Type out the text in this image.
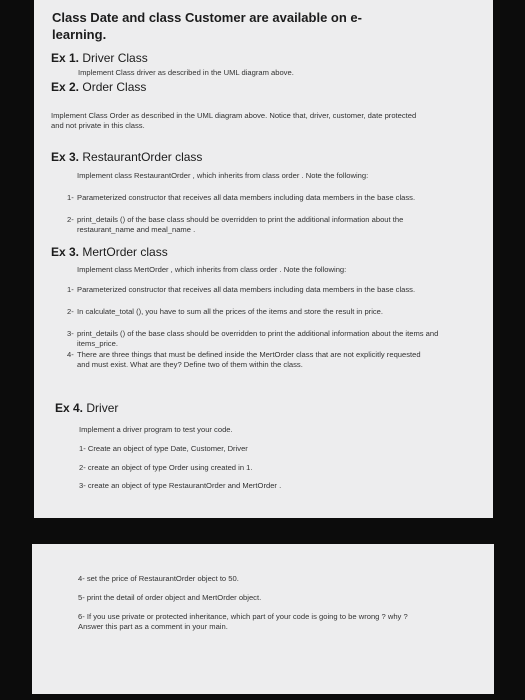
Class Date and class Customer are available on e-learning.
Ex 1. Driver Class
Implement Class driver as described in the UML diagram above.
Ex 2. Order Class
Implement Class Order as described in the UML diagram above. Notice that, driver, customer, date protected and not private in this class.
Ex 3. RestaurantOrder class
Implement class RestaurantOrder , which inherits from class order . Note the following:
1- Parameterized constructor that receives all data members including data members in the base class.
2- print_details () of the base class should be overridden to print the additional information about the restaurant_name and meal_name .
Ex 3. MertOrder class
Implement class MertOrder , which inherits from class order . Note the following:
1- Parameterized constructor that receives all data members including data members in the base class.
2- In calculate_total (), you have to sum all the prices of the items and store the result in price.
3- print_details () of the base class should be overridden to print the additional information about the items and items_price.
4- There are three things that must be defined inside the MertOrder class that are not explicitly requested and must exist. What are they? Define two of them within the class.
Ex 4. Driver
Implement a driver program to test your code.
1- Create an object of type Date, Customer, Driver
2- create an object of type Order using created in 1.
3- create an object of type RestaurantOrder and MertOrder .
4- set the price of RestaurantOrder object to 50.
5- print the detail of order object and MertOrder object.
6- If you use private or protected inheritance, which part of your code is going to be wrong ? why ? Answer this part as a comment in your main.
